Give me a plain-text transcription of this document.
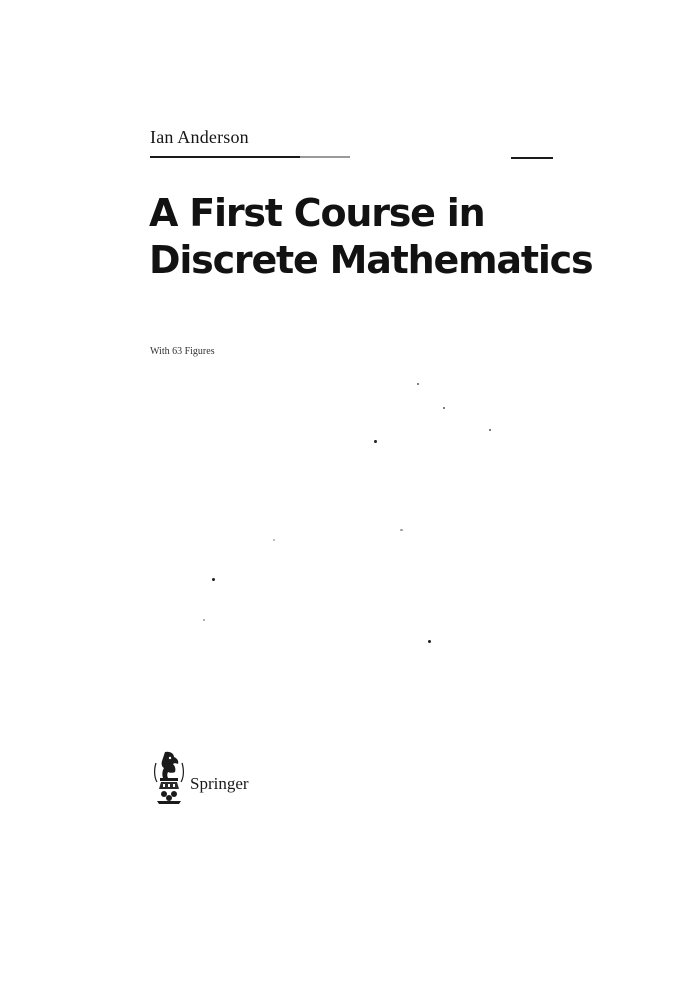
Ian Anderson
A First Course in
Discrete Mathematics
With 63 Figures
Springer
